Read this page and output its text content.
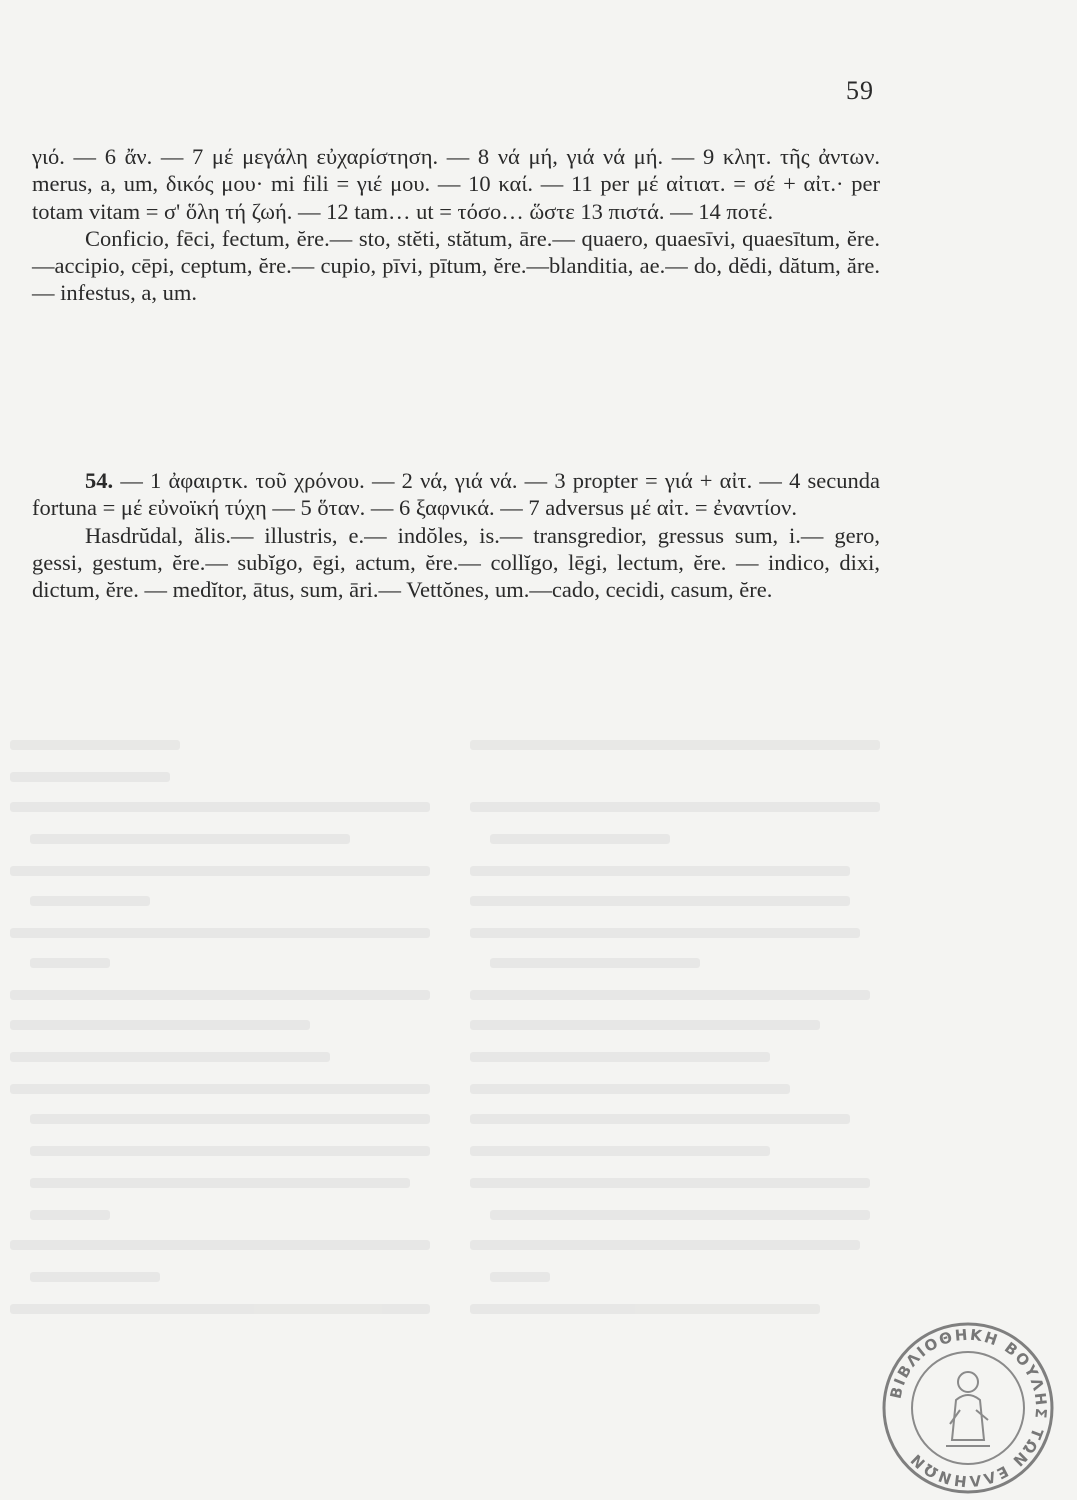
59

γιό. — 6 ἄν. — 7 μέ μεγάλη εὐχαρίστηση. — 8 νά μή, γιά νά μή. — 9 κλητ. τῆς ἀντων. merus, a, um, δικός μου· mi fili = γιέ μου. — 10 καί. — 11 per μέ αἰτιατ. = σέ + αἰτ.· per totam vitam = σ' ὅλη τή ζωή. — 12 tam… ut = τόσο… ὥστε 13 πιστά. — 14 ποτέ.

Conficio, fēci, fectum, ĕre.— sto, stĕti, stătum, āre.— quaero, quaesīvi, quaesītum, ĕre.—accipio, cēpi, ceptum, ĕre.— cupio, pīvi, pītum, ĕre.—blanditia, ae.— do, dĕdi, dătum, ăre.— infestus, a, um.

54. — 1 ἀφαιρτκ. τοῦ χρόνου. — 2 νά, γιά νά. — 3 propter = γιά + αἰτ. — 4 secunda fortuna = μέ εὐνοϊκή τύχη — 5 ὅταν. — 6 ξαφνικά. — 7 adversus μέ αἰτ. = ἐναντίον.

Hasdrŭdal, ălis.— illustris, e.— indŏles, is.— transgredior, gressus sum, i.— gero, gessi, gestum, ĕre.— subĭgo, ēgi, actum, ĕre.— collĭgo, lēgi, lectum, ĕre. — indico, dixi, dictum, ĕre. — medĭtor, ātus, sum, āri.— Vettŏnes, um.—cado, cecidi, casum, ĕre.

ΒΙΒΛΙΟΘΗΚΗ ΒΟΥΛΗΣ ΤΩΝ ΕΛΛΗΝΩΝ
